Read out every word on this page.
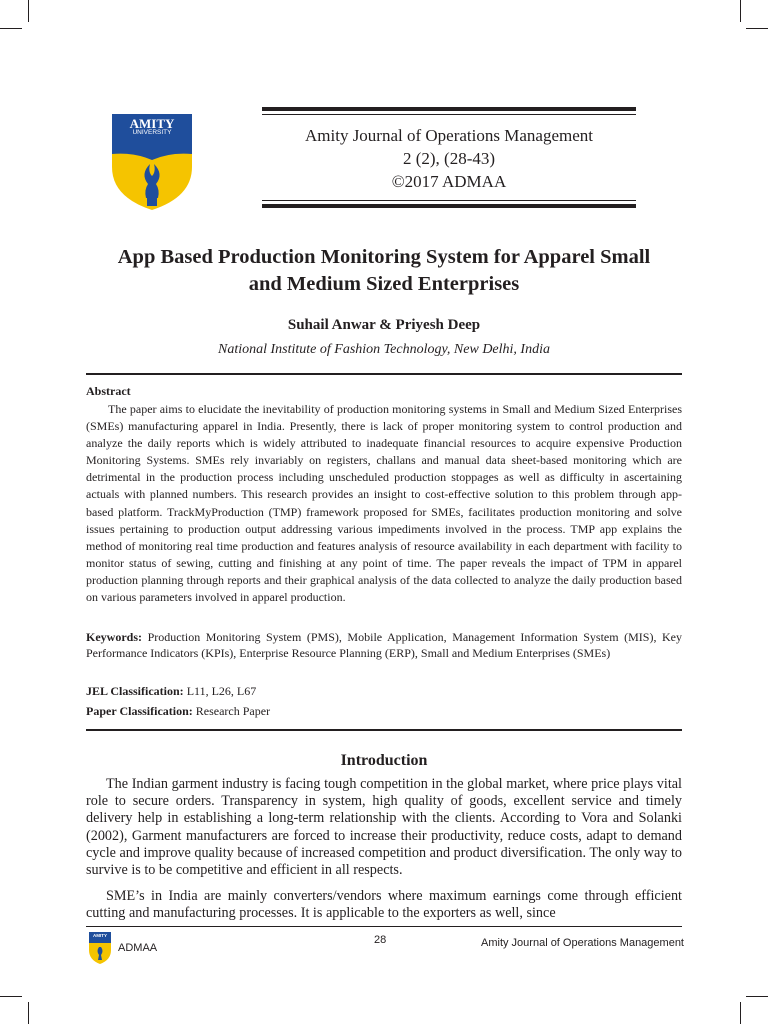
AMITY
UNIVERSITY	Amity Journal of Operations Management
2 (2), (28-43)
©2017 ADMAA
App Based Production Monitoring System for Apparel Small
and Medium Sized Enterprises
Suhail Anwar & Priyesh Deep
National Institute of Fashion Technology, New Delhi, India
Abstract
The paper aims to elucidate the inevitability of production monitoring systems in Small and Medium Sized Enterprises (SMEs) manufacturing apparel in India. Presently, there is lack of proper monitoring system to control production and analyze the daily reports which is widely attributed to inadequate financial resources to acquire expensive Production Monitoring Systems. SMEs rely invariably on registers, challans and manual data sheet-based monitoring which are detrimental in the production process including unscheduled production stoppages as well as difficulty in ascertaining actuals with planned numbers. This research provides an insight to cost-effective solution to this problem through app-based platform. TrackMyProduction (TMP) framework proposed for SMEs, facilitates production monitoring and solve issues pertaining to production output addressing various impediments involved in the process. TMP app explains the method of monitoring real time production and features analysis of resource availability in each department with facility to monitor status of sewing, cutting and finishing at any point of time. The paper reveals the impact of TPM in apparel production planning through reports and their graphical analysis of the data collected to analyze the daily production based on various parameters involved in apparel production.
Keywords: Production Monitoring System (PMS), Mobile Application, Management Information System (MIS), Key Performance Indicators (KPIs), Enterprise Resource Planning (ERP), Small and Medium Enterprises (SMEs)
JEL Classification: L11, L26, L67
Paper Classification: Research Paper
Introduction
The Indian garment industry is facing tough competition in the global market, where price plays vital role to secure orders. Transparency in system, high quality of goods, excellent service and timely delivery help in establishing a long-term relationship with the clients. According to Vora and Solanki (2002), Garment manufacturers are forced to increase their productivity, reduce costs, adapt to demand cycle and improve quality because of increased competition and product diversification. The only way to survive is to be competitive and efficient in all respects.
SME’s in India are mainly converters/vendors where maximum earnings come through efficient cutting and manufacturing processes. It is applicable to the exporters as well, since
AMITY
ADMAA
28	Amity Journal of Operations Management
